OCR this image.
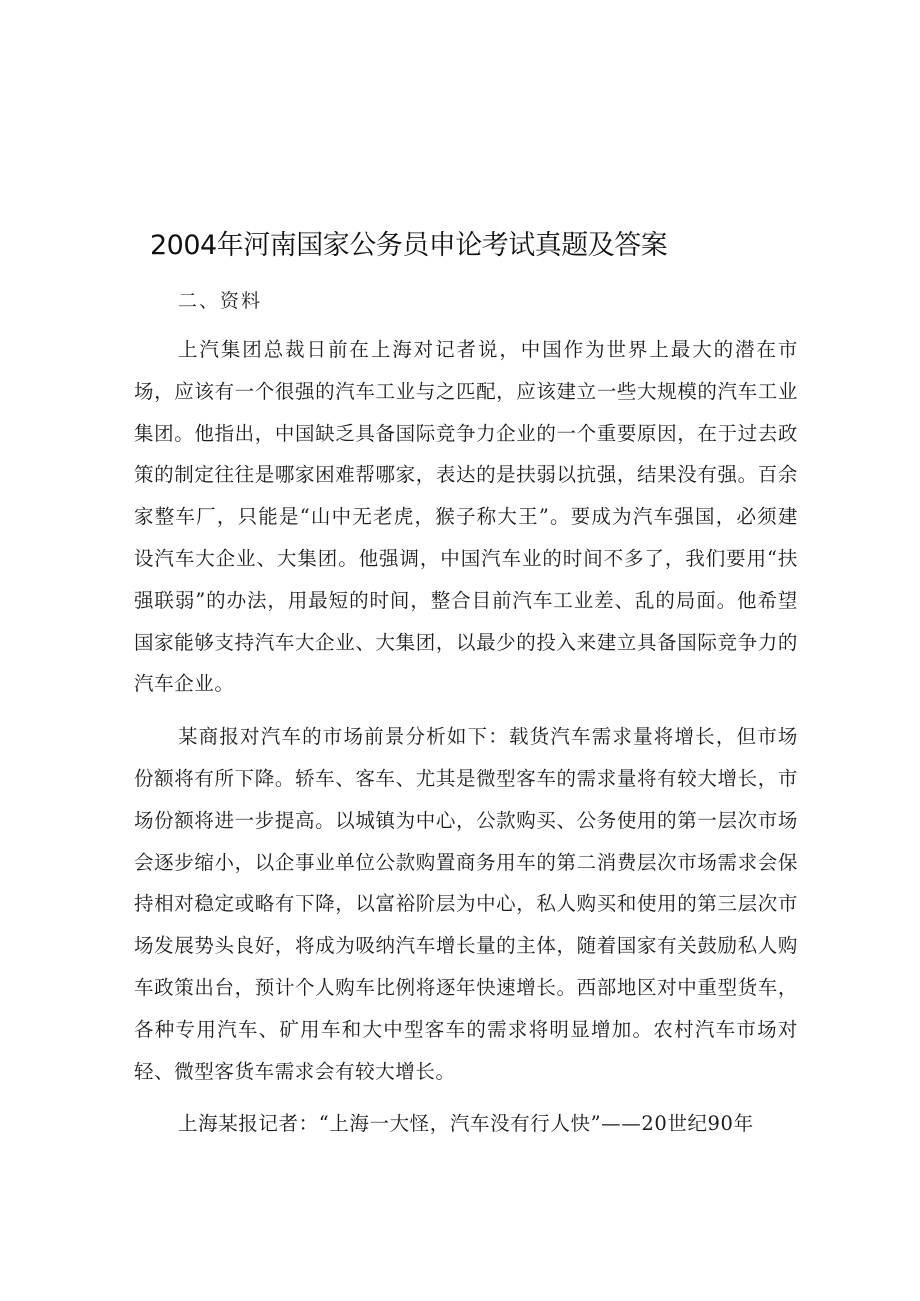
2004年河南国家公务员申论考试真题及答案
二、资料

上汽集团总裁日前在上海对记者说，中国作为世界上最大的潜在市场，应该有一个很强的汽车工业与之匹配，应该建立一些大规模的汽车工业集团。他指出，中国缺乏具备国际竞争力企业的一个重要原因，在于过去政策的制定往往是哪家困难帮哪家，表达的是扶弱以抗强，结果没有强。百余家整车厂，只能是“山中无老虎，猴子称大王”。要成为汽车强国，必须建设汽车大企业、大集团。他强调，中国汽车业的时间不多了，我们要用“扶强联弱”的办法，用最短的时间，整合目前汽车工业差、乱的局面。他希望国家能够支持汽车大企业、大集团，以最少的投入来建立具备国际竞争力的汽车企业。

某商报对汽车的市场前景分析如下：载货汽车需求量将增长，但市场份额将有所下降。轿车、客车、尤其是微型客车的需求量将有较大增长，市场份额将进一步提高。以城镇为中心，公款购买、公务使用的第一层次市场会逐步缩小，以企事业单位公款购置商务用车的第二消费层次市场需求会保持相对稳定或略有下降，以富裕阶层为中心，私人购买和使用的第三层次市场发展势头良好，将成为吸纳汽车增长量的主体，随着国家有关鼓励私人购车政策出台，预计个人购车比例将逐年快速增长。西部地区对中重型货车，各种专用汽车、矿用车和大中型客车的需求将明显增加。农村汽车市场对轻、微型客货车需求会有较大增长。

上海某报记者：“上海一大怪，汽车没有行人快”——20世纪90年
